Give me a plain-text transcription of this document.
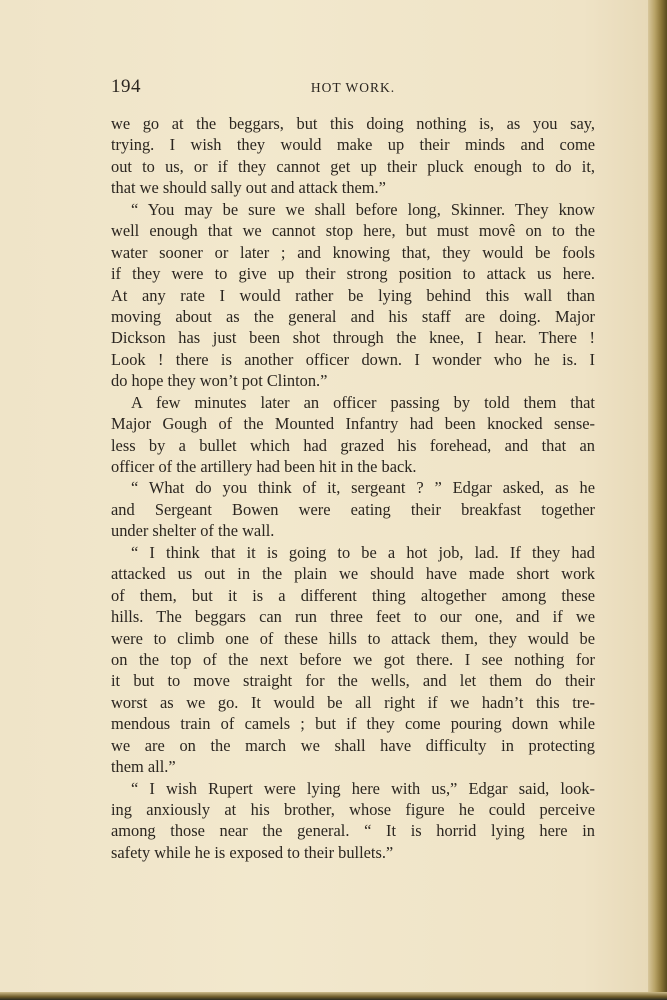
194	HOT WORK.
we go at the beggars, but this doing nothing is, as you say,
trying. I wish they would make up their minds and come
out to us, or if they cannot get up their pluck enough to do it,
that we should sally out and attack them.”
“ You may be sure we shall before long, Skinner. They know
well enough that we cannot stop here, but must movê on to the
water sooner or later ; and knowing that, they would be fools
if they were to give up their strong position to attack us here.
At any rate I would rather be lying behind this wall than
moving about as the general and his staff are doing. Major
Dickson has just been shot through the knee, I hear. There !
Look ! there is another officer down. I wonder who he is. I
do hope they won’t pot Clinton.”
A few minutes later an officer passing by told them that
Major Gough of the Mounted Infantry had been knocked sense-
less by a bullet which had grazed his forehead, and that an
officer of the artillery had been hit in the back.
“ What do you think of it, sergeant ? ” Edgar asked, as he
and Sergeant Bowen were eating their breakfast together
under shelter of the wall.
“ I think that it is going to be a hot job, lad. If they had
attacked us out in the plain we should have made short work
of them, but it is a different thing altogether among these
hills. The beggars can run three feet to our one, and if we
were to climb one of these hills to attack them, they would be
on the top of the next before we got there. I see nothing for
it but to move straight for the wells, and let them do their
worst as we go. It would be all right if we hadn’t this tre-
mendous train of camels ; but if they come pouring down while
we are on the march we shall have difficulty in protecting
them all.”
“ I wish Rupert were lying here with us,” Edgar said, look-
ing anxiously at his brother, whose figure he could perceive
among those near the general. “ It is horrid lying here in
safety while he is exposed to their bullets.”
